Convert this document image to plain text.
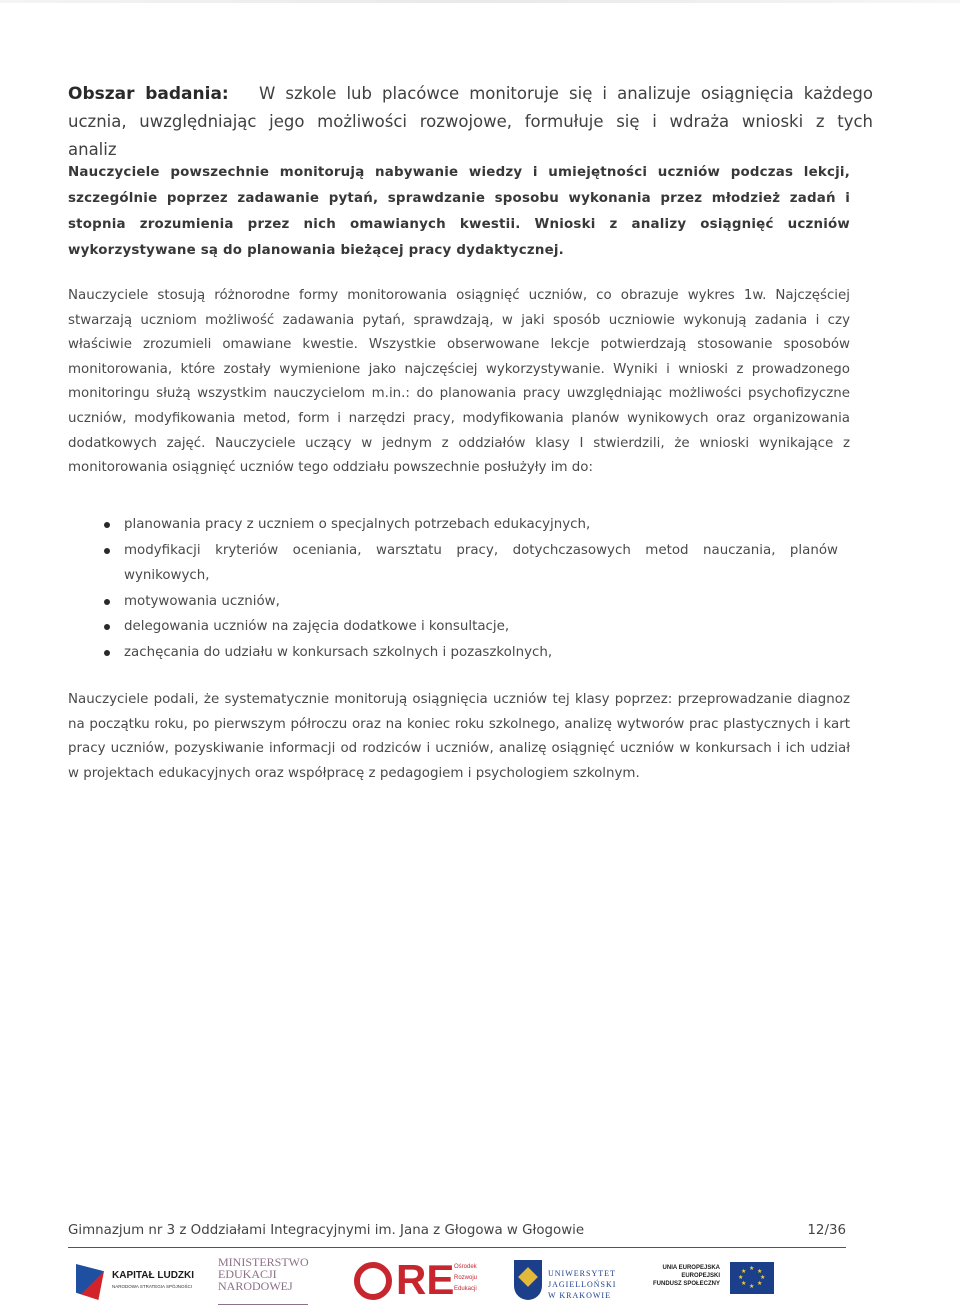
Obszar badania: W szkole lub placówce monitoruje się i analizuje osiągnięcia każdego ucznia, uwzględniając jego możliwości rozwojowe, formułuje się i wdraża wnioski z tych analiz

Nauczyciele powszechnie monitorują nabywanie wiedzy i umiejętności uczniów podczas lekcji, szczególnie poprzez zadawanie pytań, sprawdzanie sposobu wykonania przez młodzież zadań i stopnia zrozumienia przez nich omawianych kwestii. Wnioski z analizy osiągnięć uczniów wykorzystywane są do planowania bieżącej pracy dydaktycznej.

Nauczyciele stosują różnorodne formy monitorowania osiągnięć uczniów, co obrazuje wykres 1w. Najczęściej stwarzają uczniom możliwość zadawania pytań, sprawdzają, w jaki sposób uczniowie wykonują zadania i czy właściwie zrozumieli omawiane kwestie. Wszystkie obserwowane lekcje potwierdzają stosowanie sposobów monitorowania, które zostały wymienione jako najczęściej wykorzystywanie. Wyniki i wnioski z prowadzonego monitoringu służą wszystkim nauczycielom m.in.: do planowania pracy uwzględniając możliwości psychofizyczne uczniów, modyfikowania metod, form i narzędzi pracy, modyfikowania planów wynikowych oraz organizowania dodatkowych zajęć. Nauczyciele uczący w jednym z oddziałów klasy I stwierdzili, że wnioski wynikające z monitorowania osiągnięć uczniów tego oddziału powszechnie posłużyły im do:

planowania pracy z uczniem o specjalnych potrzebach edukacyjnych,
modyfikacji kryteriów oceniania, warsztatu pracy, dotychczasowych metod nauczania, planów wynikowych,
motywowania uczniów,
delegowania uczniów na zajęcia dodatkowe i konsultacje,
zachęcania do udziału w konkursach szkolnych i pozaszkolnych,

Nauczyciele podali, że systematycznie monitorują osiągnięcia uczniów tej klasy poprzez: przeprowadzanie diagnoz na początku roku, po pierwszym półroczu oraz na koniec roku szkolnego, analizę wytworów prac plastycznych i kart pracy uczniów, pozyskiwanie informacji od rodziców i uczniów, analizę osiągnięć uczniów w konkursach i ich udział w projektach edukacyjnych oraz współpracę z pedagogiem i psychologiem szkolnym.

Gimnazjum nr 3 z Oddziałami Integracyjnymi im. Jana z Głogowa w Głogowie	12/36
KAPITAŁ LUDZKI
NARODOWA STRATEGIA SPÓJNOŚCI
MINISTERSTWO
EDUKACJI
NARODOWEJ	RE Ośrodek
Rozwoju
Edukacji
UNIWERSYTET
JAGIELLOŃSKI
W KRAKOWIE
UNIA EUROPEJSKA
EUROPEJSKI
FUNDUSZ SPOŁECZNY
★ ★
★
★
★
★
★
★
